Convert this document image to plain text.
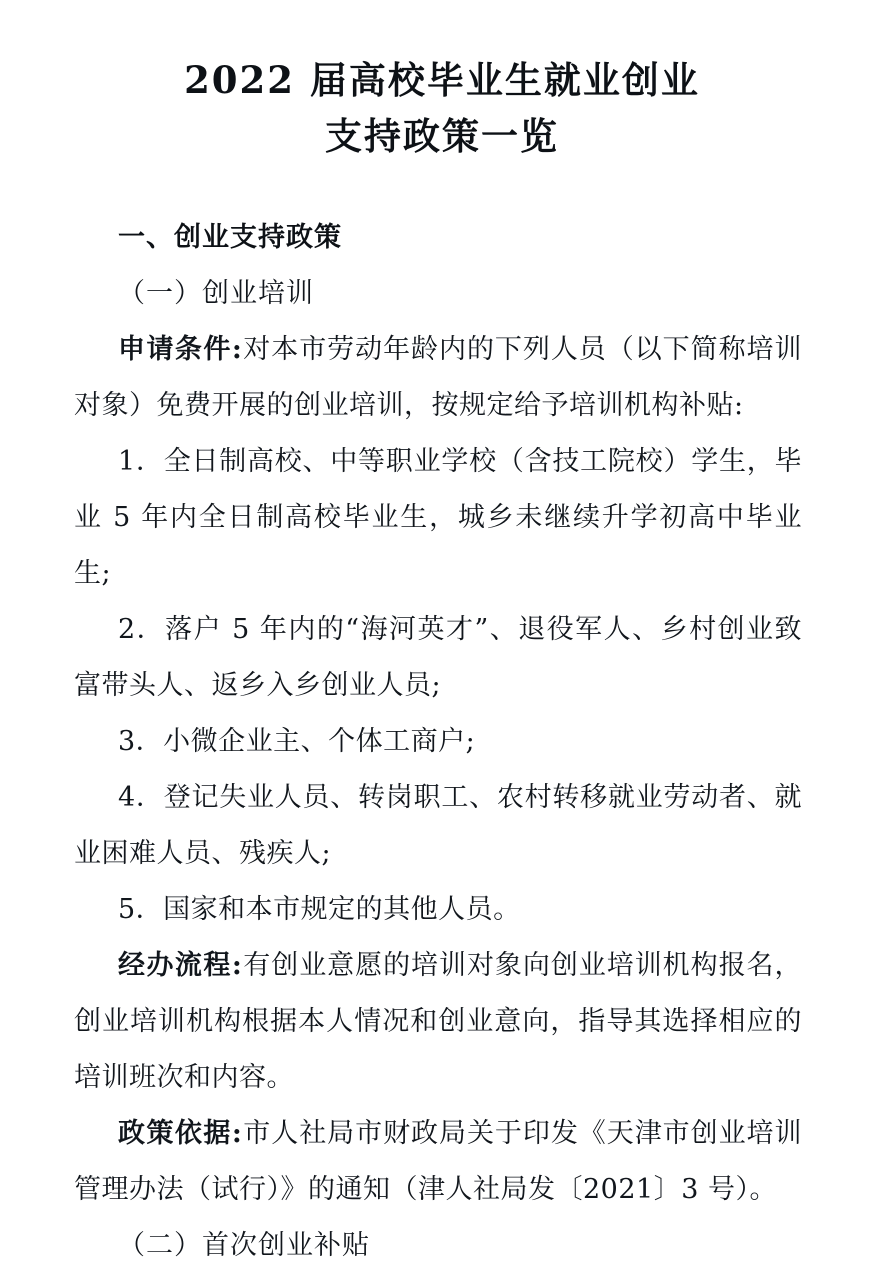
2022 届高校毕业生就业创业
支持政策一览
一、创业支持政策
（一）创业培训

申请条件:对本市劳动年龄内的下列人员（以下简称培训对象）免费开展的创业培训，按规定给予培训机构补贴:

1．全日制高校、中等职业学校（含技工院校）学生，毕业 5 年内全日制高校毕业生，城乡未继续升学初高中毕业生;

2．落户 5 年内的“海河英才”、退役军人、乡村创业致富带头人、返乡入乡创业人员;

3．小微企业主、个体工商户;

4．登记失业人员、转岗职工、农村转移就业劳动者、就业困难人员、残疾人;

5．国家和本市规定的其他人员。

经办流程:有创业意愿的培训对象向创业培训机构报名，创业培训机构根据本人情况和创业意向，指导其选择相应的培训班次和内容。

政策依据:市人社局市财政局关于印发《天津市创业培训管理办法（试行）》的通知（津人社局发〔2021〕3 号）。

（二）首次创业补贴
